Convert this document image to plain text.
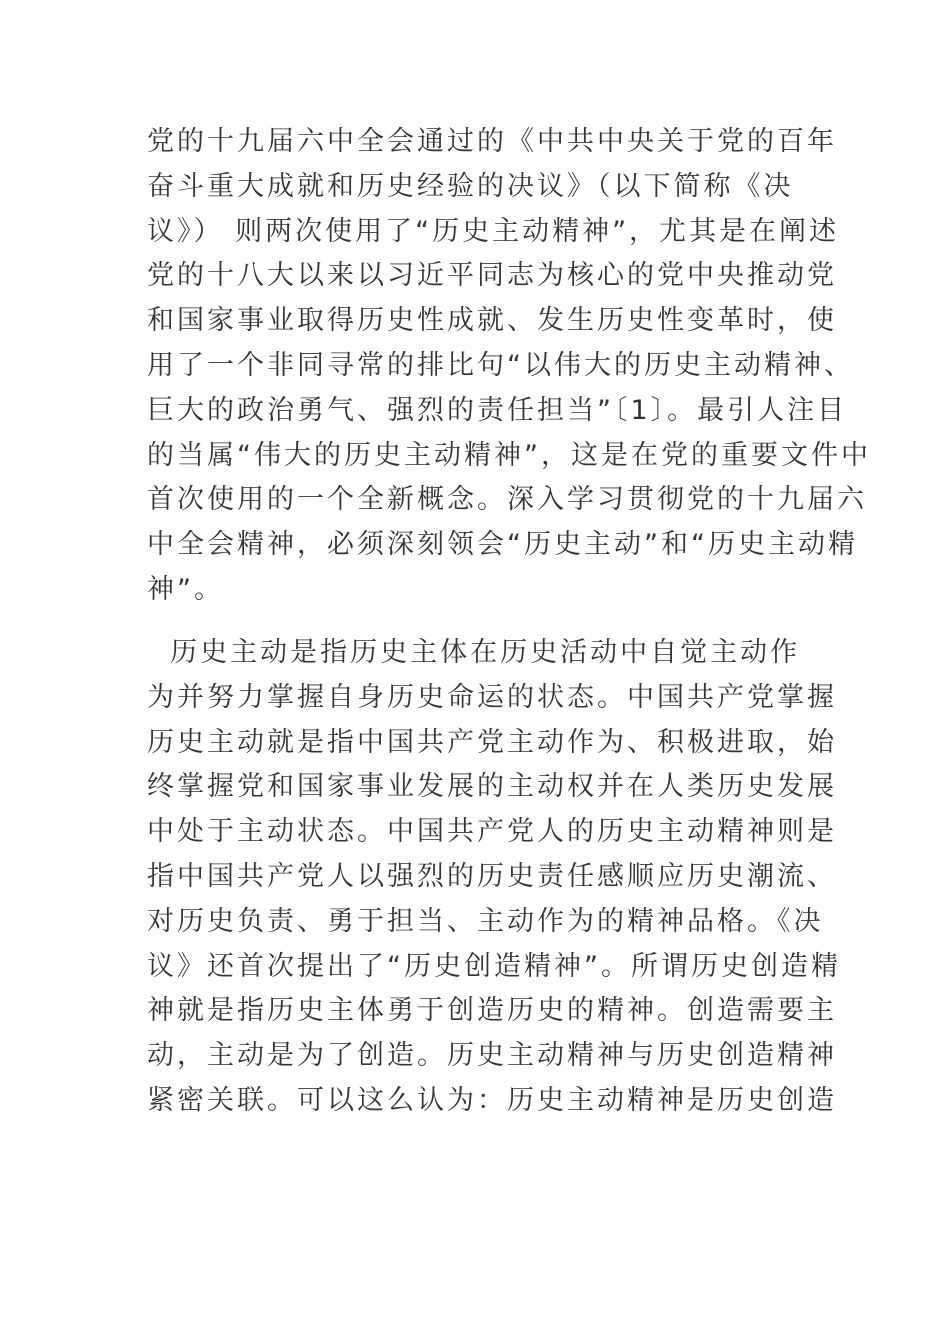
党的十九届六中全会通过的《中共中央关于党的百年
奋斗重大成就和历史经验的决议》（以下简称《决
议》） 则两次使用了“历史主动精神”，尤其是在阐述
党的十八大以来以习近平同志为核心的党中央推动党
和国家事业取得历史性成就、发生历史性变革时，使
用了一个非同寻常的排比句“以伟大的历史主动精神、
巨大的政治勇气、强烈的责任担当”〔1〕。最引人注目
的当属“伟大的历史主动精神”，这是在党的重要文件中
首次使用的一个全新概念。深入学习贯彻党的十九届六
中全会精神，必须深刻领会“历史主动”和“历史主动精
神”。
历史主动是指历史主体在历史活动中自觉主动作
为并努力掌握自身历史命运的状态。中国共产党掌握
历史主动就是指中国共产党主动作为、积极进取，始
终掌握党和国家事业发展的主动权并在人类历史发展
中处于主动状态。中国共产党人的历史主动精神则是
指中国共产党人以强烈的历史责任感顺应历史潮流、
对历史负责、勇于担当、主动作为的精神品格。《决
议》还首次提出了“历史创造精神”。所谓历史创造精
神就是指历史主体勇于创造历史的精神。创造需要主
动，主动是为了创造。历史主动精神与历史创造精神
紧密关联。可以这么认为：历史主动精神是历史创造
